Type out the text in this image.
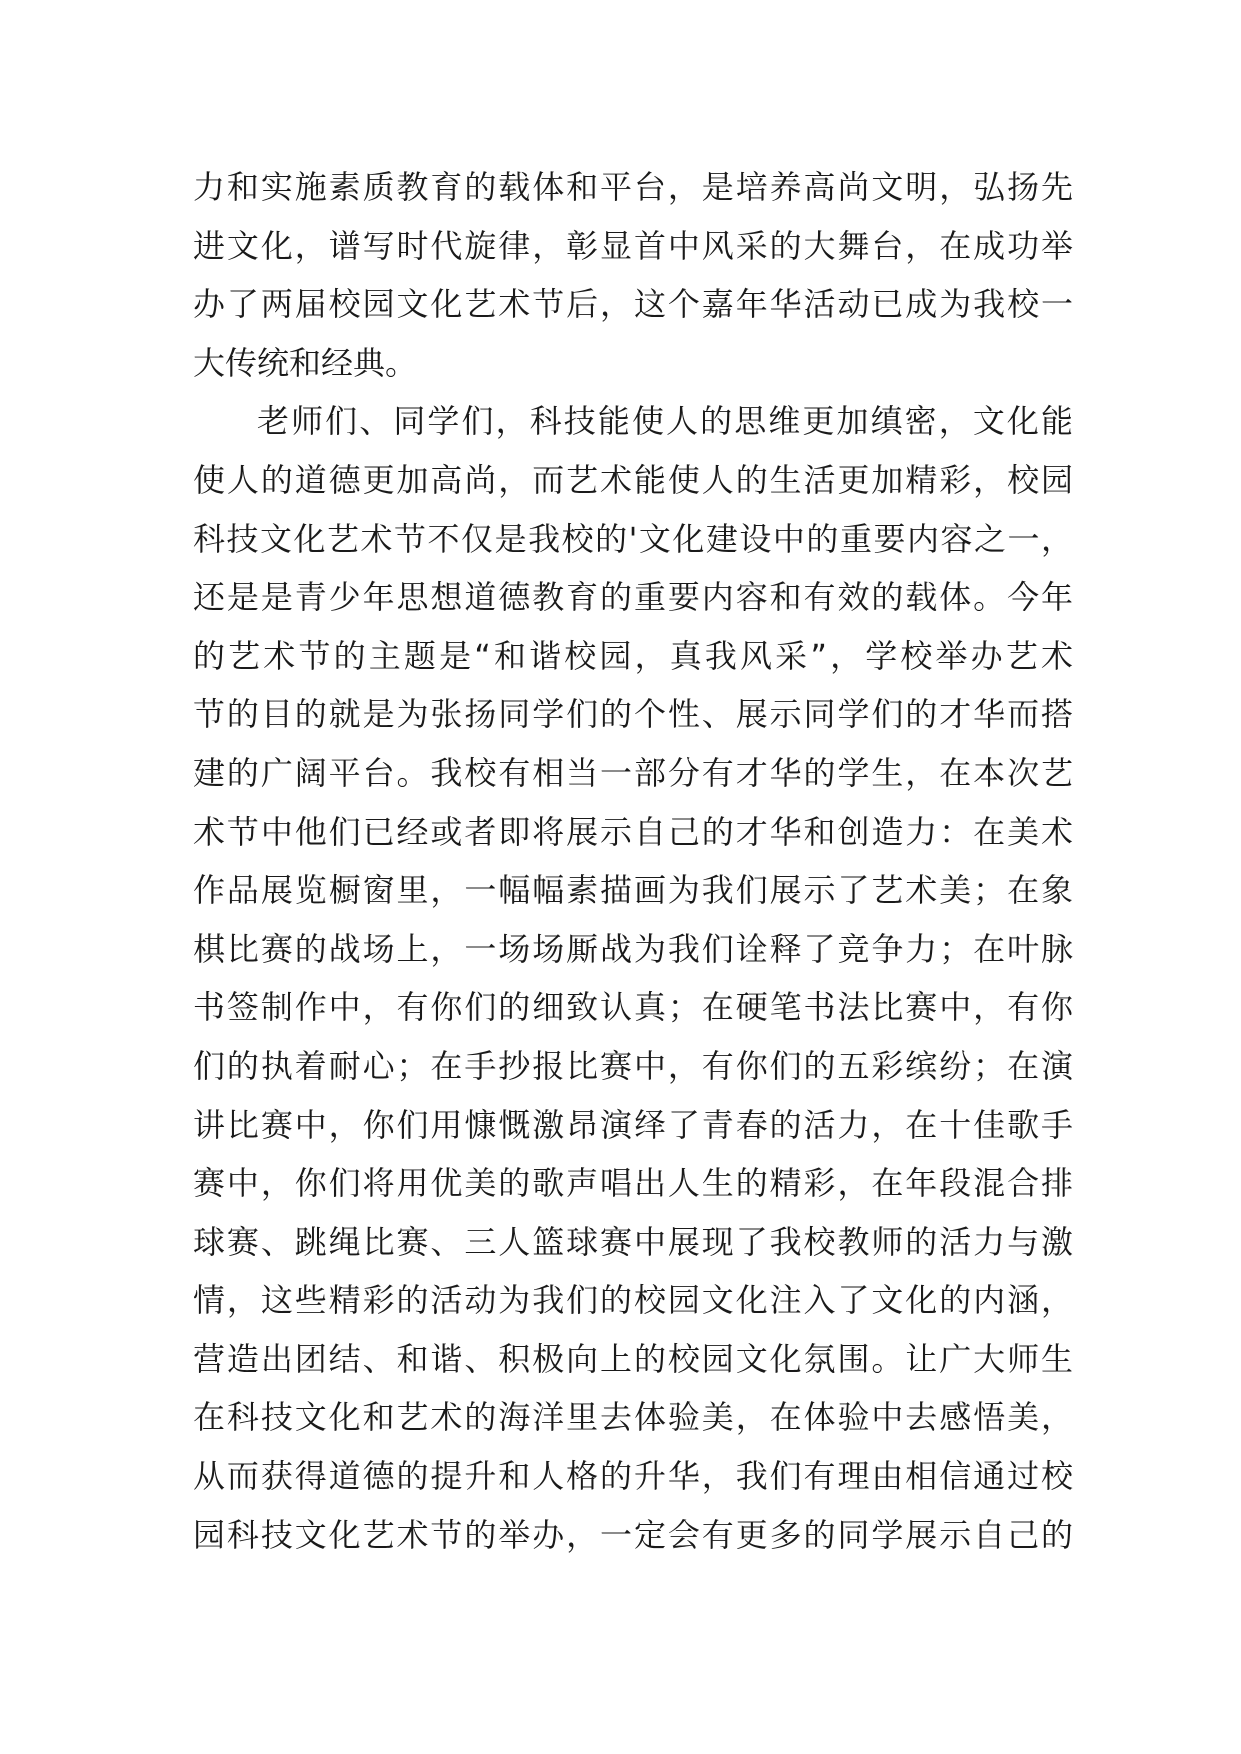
力和实施素质教育的载体和平台，是培养高尚文明，弘扬先
进文化，谱写时代旋律，彰显首中风采的大舞台，在成功举
办了两届校园文化艺术节后，这个嘉年华活动已成为我校一
大传统和经典。
老师们、同学们，科技能使人的思维更加缜密，文化能
使人的道德更加高尚，而艺术能使人的生活更加精彩，校园
科技文化艺术节不仅是我校的'文化建设中的重要内容之一，
还是是青少年思想道德教育的重要内容和有效的载体。今年
的艺术节的主题是“和谐校园，真我风采”，学校举办艺术
节的目的就是为张扬同学们的个性、展示同学们的才华而搭
建的广阔平台。我校有相当一部分有才华的学生，在本次艺
术节中他们已经或者即将展示自己的才华和创造力：在美术
作品展览橱窗里，一幅幅素描画为我们展示了艺术美；在象
棋比赛的战场上，一场场厮战为我们诠释了竞争力；在叶脉
书签制作中，有你们的细致认真；在硬笔书法比赛中，有你
们的执着耐心；在手抄报比赛中，有你们的五彩缤纷；在演
讲比赛中，你们用慷慨激昂演绎了青春的活力，在十佳歌手
赛中，你们将用优美的歌声唱出人生的精彩，在年段混合排
球赛、跳绳比赛、三人篮球赛中展现了我校教师的活力与激
情，这些精彩的活动为我们的校园文化注入了文化的内涵，
营造出团结、和谐、积极向上的校园文化氛围。让广大师生
在科技文化和艺术的海洋里去体验美，在体验中去感悟美，
从而获得道德的提升和人格的升华，我们有理由相信通过校
园科技文化艺术节的举办，一定会有更多的同学展示自己的
